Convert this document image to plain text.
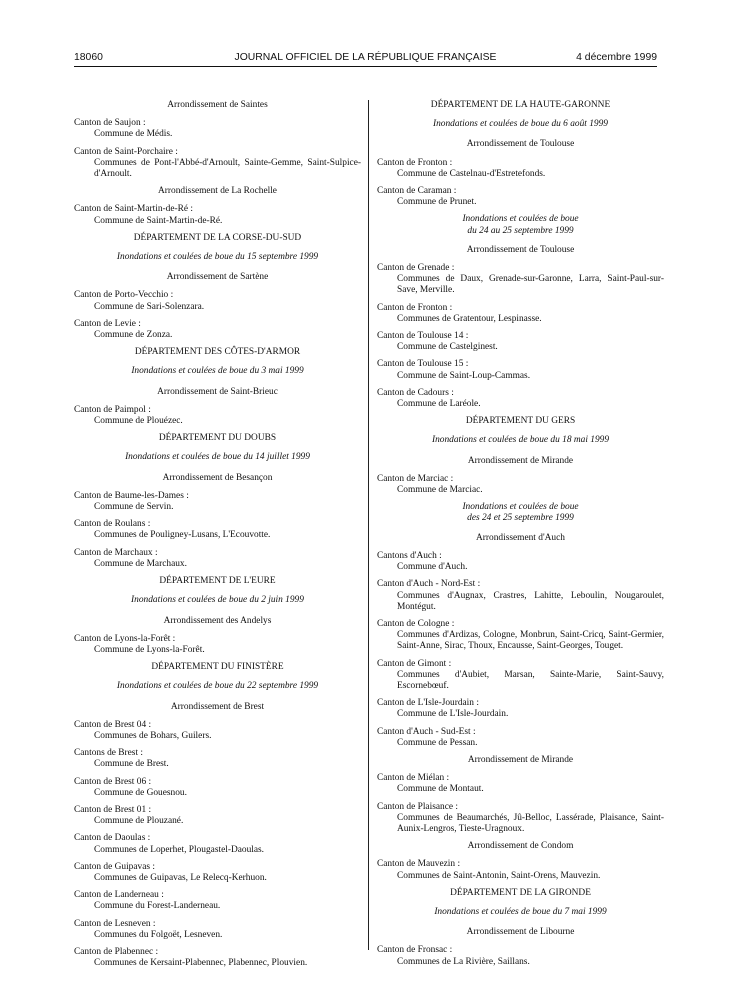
18060	JOURNAL OFFICIEL DE LA RÉPUBLIQUE FRANÇAISE	4 décembre 1999
Arrondissement de Saintes
Canton de Saujon :
Commune de Médis.
Canton de Saint-Porchaire :
Communes de Pont-l'Abbé-d'Arnoult, Sainte-Gemme, Saint-Sulpice-d'Arnoult.
Arrondissement de La Rochelle
Canton de Saint-Martin-de-Ré :
Commune de Saint-Martin-de-Ré.
DÉPARTEMENT DE LA CORSE-DU-SUD
Inondations et coulées de boue du 15 septembre 1999
Arrondissement de Sartène
Canton de Porto-Vecchio :
Commune de Sari-Solenzara.
Canton de Levie :
Commune de Zonza.
DÉPARTEMENT DES CÔTES-D'ARMOR
Inondations et coulées de boue du 3 mai 1999
Arrondissement de Saint-Brieuc
Canton de Paimpol :
Commune de Plouézec.
DÉPARTEMENT DU DOUBS
Inondations et coulées de boue du 14 juillet 1999
Arrondissement de Besançon
Canton de Baume-les-Dames :
Commune de Servin.
Canton de Roulans :
Communes de Pouligney-Lusans, L'Ecouvotte.
Canton de Marchaux :
Commune de Marchaux.
DÉPARTEMENT DE L'EURE
Inondations et coulées de boue du 2 juin 1999
Arrondissement des Andelys
Canton de Lyons-la-Forêt :
Commune de Lyons-la-Forêt.
DÉPARTEMENT DU FINISTÈRE
Inondations et coulées de boue du 22 septembre 1999
Arrondissement de Brest
Canton de Brest 04 :
Communes de Bohars, Guilers.
Cantons de Brest :
Commune de Brest.
Canton de Brest 06 :
Commune de Gouesnou.
Canton de Brest 01 :
Commune de Plouzané.
Canton de Daoulas :
Communes de Loperhet, Plougastel-Daoulas.
Canton de Guipavas :
Communes de Guipavas, Le Relecq-Kerhuon.
Canton de Landerneau :
Commune du Forest-Landerneau.
Canton de Lesneven :
Communes du Folgoët, Lesneven.
Canton de Plabennec :
Communes de Kersaint-Plabennec, Plabennec, Plouvien.
DÉPARTEMENT DE LA HAUTE-GARONNE
Inondations et coulées de boue du 6 août 1999
Arrondissement de Toulouse
Canton de Fronton :
Commune de Castelnau-d'Estretefonds.
Canton de Caraman :
Commune de Prunet.
Inondations et coulées de boue
du 24 au 25 septembre 1999
Arrondissement de Toulouse
Canton de Grenade :
Communes de Daux, Grenade-sur-Garonne, Larra, Saint-Paul-sur-Save, Merville.
Canton de Fronton :
Communes de Gratentour, Lespinasse.
Canton de Toulouse 14 :
Commune de Castelginest.
Canton de Toulouse 15 :
Commune de Saint-Loup-Cammas.
Canton de Cadours :
Commune de Laréole.
DÉPARTEMENT DU GERS
Inondations et coulées de boue du 18 mai 1999
Arrondissement de Mirande
Canton de Marciac :
Commune de Marciac.
Inondations et coulées de boue
des 24 et 25 septembre 1999
Arrondissement d'Auch
Cantons d'Auch :
Commune d'Auch.
Canton d'Auch - Nord-Est :
Communes d'Augnax, Crastres, Lahitte, Leboulin, Nougaroulet, Montégut.
Canton de Cologne :
Communes d'Ardizas, Cologne, Monbrun, Saint-Cricq, Saint-Germier, Saint-Anne, Sirac, Thoux, Encausse, Saint-Georges, Touget.
Canton de Gimont :
Communes d'Aubiet, Marsan, Sainte-Marie, Saint-Sauvy, Escornebœuf.
Canton de L'Isle-Jourdain :
Commune de L'Isle-Jourdain.
Canton d'Auch - Sud-Est :
Commune de Pessan.
Arrondissement de Mirande
Canton de Miélan :
Commune de Montaut.
Canton de Plaisance :
Communes de Beaumarchés, Jû-Belloc, Lassérade, Plaisance, Saint-Aunix-Lengros, Tieste-Uragnoux.
Arrondissement de Condom
Canton de Mauvezin :
Communes de Saint-Antonin, Saint-Orens, Mauvezin.
DÉPARTEMENT DE LA GIRONDE
Inondations et coulées de boue du 7 mai 1999
Arrondissement de Libourne
Canton de Fronsac :
Communes de La Rivière, Saillans.
